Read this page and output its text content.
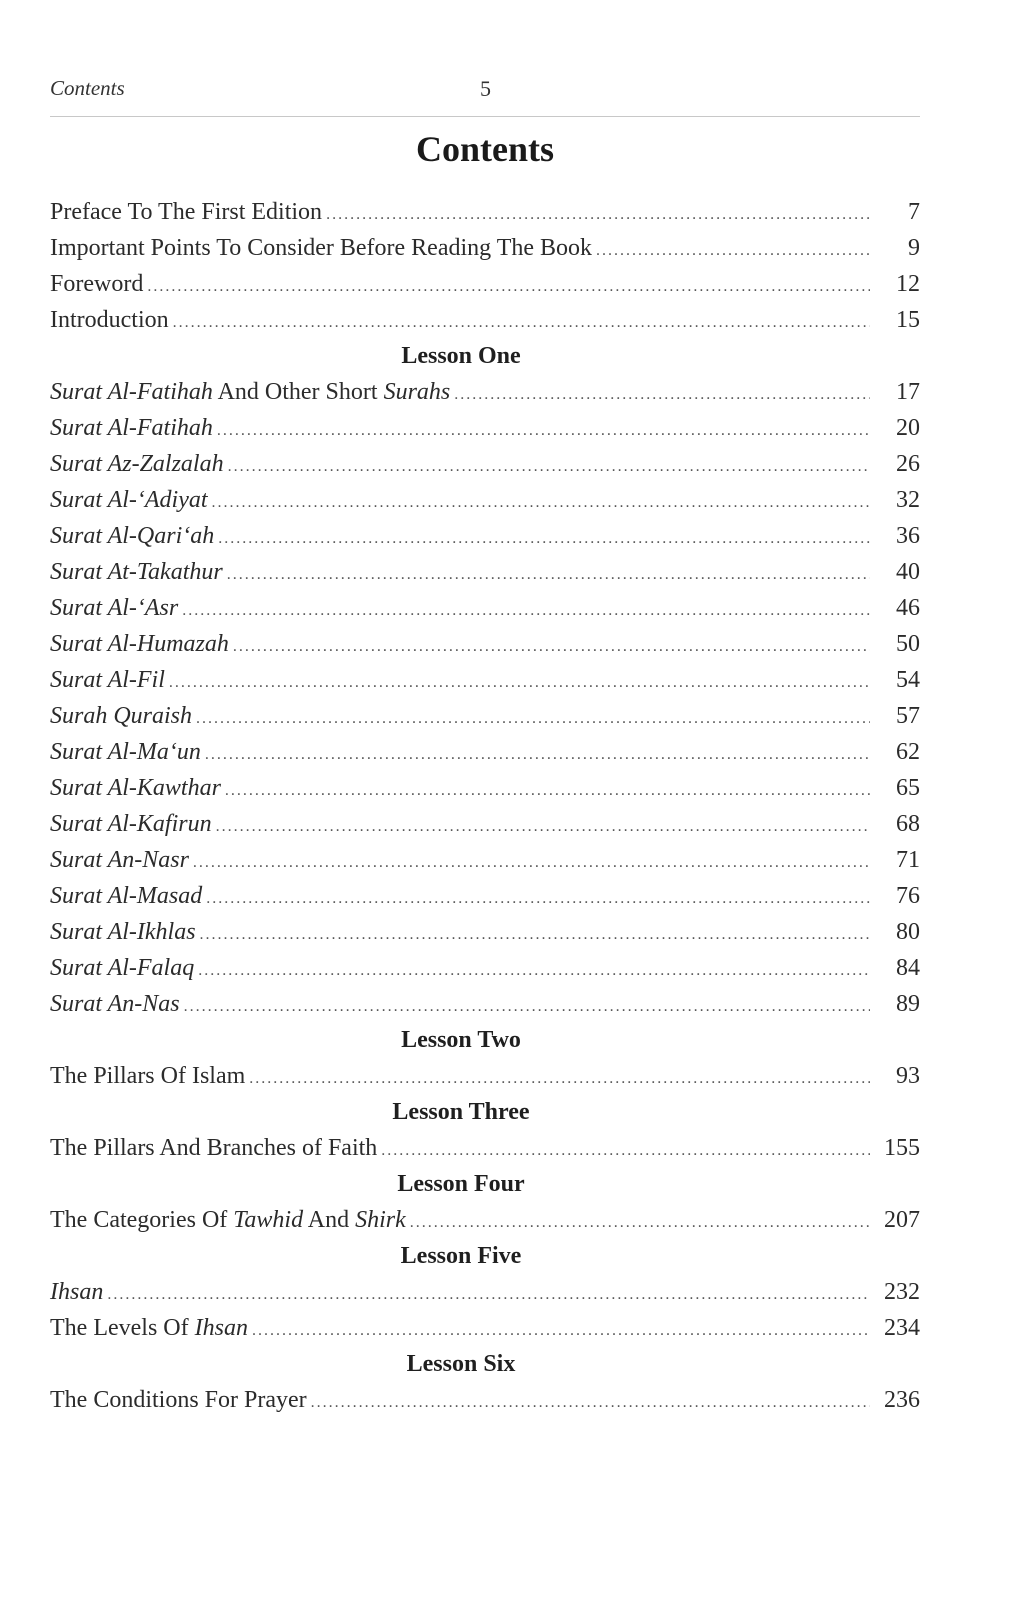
Contents	5
Contents
Preface To The First Edition .....	7
Important Points To Consider Before Reading The Book .....	9
Foreword .....	12
Introduction .....	15
Lesson One
Surat Al-Fatihah And Other Short Surahs .....	17
Surat Al-Fatihah .....	20
Surat Az-Zalzalah .....	26
Surat Al-‘Adiyat .....	32
Surat Al-Qari‘ah .....	36
Surat At-Takathur .....	40
Surat Al-‘Asr .....	46
Surat Al-Humazah .....	50
Surat Al-Fil .....	54
Surah Quraish .....	57
Surat Al-Ma‘un .....	62
Surat Al-Kawthar .....	65
Surat Al-Kafirun .....	68
Surat An-Nasr .....	71
Surat Al-Masad .....	76
Surat Al-Ikhlas .....	80
Surat Al-Falaq .....	84
Surat An-Nas .....	89
Lesson Two
The Pillars Of Islam .....	93
Lesson Three
The Pillars And Branches of Faith .....	155
Lesson Four
The Categories Of Tawhid And Shirk .....	207
Lesson Five
Ihsan .....	232
The Levels Of Ihsan .....	234
Lesson Six
The Conditions For Prayer .....	236
